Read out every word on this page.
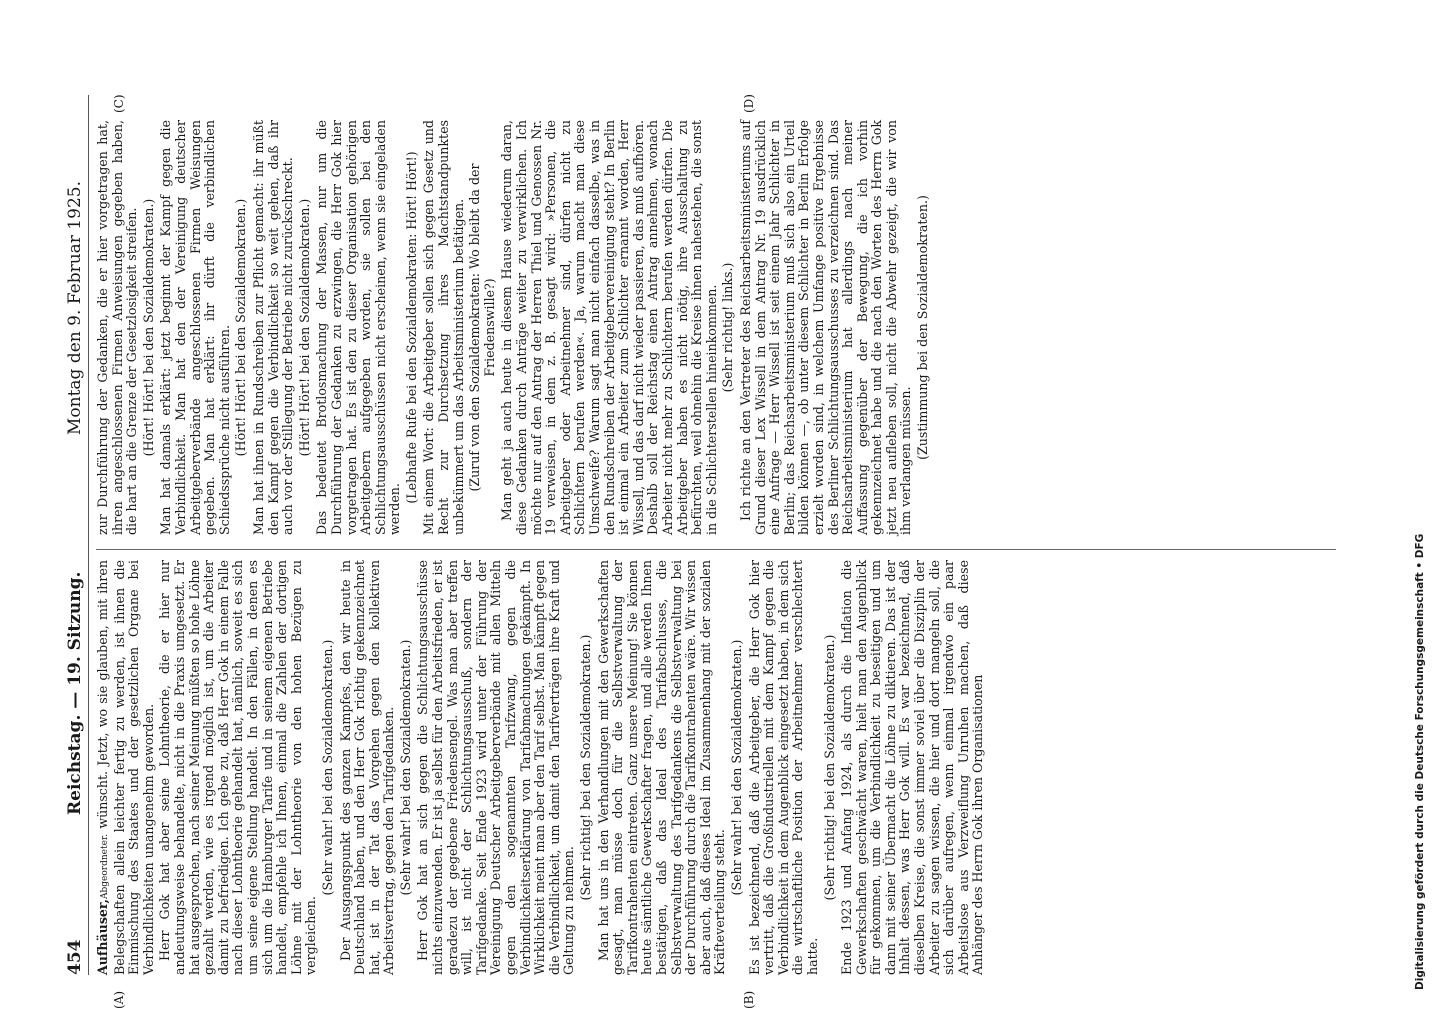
454
Reichstag. — 19. Sitzung.
Montag den 9. Februar 1925.

Aufhäuser,Abgeordneter. wünscht. Jetzt, wo sie glauben, mit ihren Belegschaften allein leichter fertig zu werden, ist ihnen die Einmischung des Staates und der gesetzlichen Organe bei Verbindlichkeiten unangenehm geworden. Herr Gok hat aber seine Lohntheorie, die er hier nur andeutungsweise behandelte, nicht in die Praxis umgesetzt. Er hat ausgesprochen, nach seiner Meinung müßten so hohe Löhne gezahlt werden, wie es irgend möglich ist, um die Arbeiter damit zu befriedigen. Ich gebe zu, daß Herr Gok in einem Falle nach dieser Lohntheorie gehandelt hat, nämlich, soweit es sich um seine eigene Stellung handelt. In den Fällen, in denen es sich um die Hamburger Tarife und in seinem eigenen Betriebe handelt, empfehle ich Ihnen, einmal die Zahlen der dortigen Löhne mit der Lohntheorie von den hohen Bezügen zu vergleichen.

(Sehr wahr! bei den Sozialdemokraten.) Der Ausgangspunkt des ganzen Kampfes, den wir heute in Deutschland haben, und den Herr Gok richtig gekennzeichnet hat, ist in der Tat das Vorgehen gegen den kollektiven Arbeitsvertrag, gegen den Tarifgedanken. (Sehr wahr! bei den Sozialdemokraten.) Herr Gok hat an sich gegen die Schlichtungsausschüsse nichts einzuwenden. Er ist ja selbst für den Arbeitsfrieden, er ist geradezu der gegebene Friedensengel. Was man aber treffen will, ist nicht der Schlichtungsausschuß, sondern der Tarifgedanke. Seit Ende 1923 wird unter der Führung der Vereinigung Deutscher Arbeitgeberverbände mit allen Mitteln gegen den sogenannten Tarifzwang, gegen die Verbindlichkeitserklärung von Tarifabmachungen gekämpft. In Wirklichkeit meint man aber den Tarif selbst. Man kämpft gegen die Verbindlichkeit, um damit den Tarifverträgen ihre Kraft und Geltung zu nehmen.

(Sehr richtig! bei den Sozialdemokraten.) Man hat uns in den Verhandlungen mit den Gewerkschaften gesagt, man müsse doch für die Selbstverwaltung der Tarifkontrahenten eintreten. Ganz unsere Meinung! Sie können heute sämtliche Gewerkschafter fragen, und alle werden Ihnen bestätigen, daß das Ideal des Tarifabschlusses, die Selbstverwaltung des Tarifgedankens die Selbstverwaltung bei der Durchführung durch die Tarifkontrahenten wäre. Wir wissen aber auch, daß dieses Ideal im Zusammenhang mit der sozialen Kräfteverteilung steht.

(Sehr wahr! bei den Sozialdemokraten.) Es ist bezeichnend, daß die Arbeitgeber, die Herr Gok hier vertritt, daß die Großindustriellen mit dem Kampf gegen die Verbindlichkeit in dem Augenblick eingesetzt haben, in dem sich die wirtschaftliche Position der Arbeitnehmer verschlechtert hatte.

(Sehr richtig! bei den Sozialdemokraten.) Ende 1923 und Anfang 1924, als durch die Inflation die Gewerkschaften geschwächt waren, hielt man den Augenblick für gekommen, um die Verbindlichkeit zu beseitigen und um dann mit seiner Übermacht die Löhne zu diktieren. Das ist der Inhalt dessen, was Herr Gok will. Es war bezeichnend, daß dieselben Kreise, die sonst immer soviel über die Disziplin der Arbeiter zu sagen wissen, die hier und dort mangeln soll, die sich darüber aufregen, wenn einmal irgendwo ein paar Arbeitslose aus Verzweiflung Unruhen machen, daß diese Anhänger des Herrn Gok ihren Organisationen

zur Durchführung der Gedanken, die er hier vorgetragen hat, ihren angeschlossenen Firmen Anweisungen gegeben haben, die hart an die Grenze der Gesetzlosigkeit streifen. (Hört! Hört! bei den Sozialdemokraten.) Man hat damals erklärt: jetzt beginnt der Kampf gegen die Verbindlichkeit. Man hat den der Vereinigung deutscher Arbeitgeberverbände angeschlossenen Firmen Weisungen gegeben. Man hat erklärt: ihr dürft die verbindlichen Schiedssprüche nicht ausführen. (Hört! Hört! bei den Sozialdemokraten.) Man hat ihnen in Rundschreiben zur Pflicht gemacht: ihr müßt den Kampf gegen die Verbindlichkeit so weit gehen, daß ihr auch vor der Stillegung der Betriebe nicht zurückschreckt. (Hört! Hört! bei den Sozialdemokraten.) Das bedeutet Brotlosmachung der Massen, nur um die Durchführung der Gedanken zu erzwingen, die Herr Gok hier vorgetragen hat. Es ist den zu dieser Organisation gehörigen Arbeitgebern aufgegeben worden, sie sollen bei den Schlichtungsausschüssen nicht erscheinen, wenn sie eingeladen werden.

(Lebhafte Rufe bei den Sozialdemokraten: Hört! Hört!) Mit einem Wort: die Arbeitgeber sollen sich gegen Gesetz und Recht zur Durchsetzung ihres Machtstandpunktes unbekümmert um das Arbeitsministerium betätigen. (Zuruf von den Sozialdemokraten: Wo bleibt da der Friedenswille?) Man geht ja auch heute in diesem Hause wiederum daran, diese Gedanken durch Anträge weiter zu verwirklichen. Ich möchte nur auf den Antrag der Herren Thiel und Genossen Nr. 19 verweisen, in dem z. B. gesagt wird: »Personen, die Arbeitgeber oder Arbeitnehmer sind, dürfen nicht zu Schlichtern berufen werden«. Ja, warum macht man diese Umschweife? Warum sagt man nicht einfach dasselbe, was in den Rundschreiben der Arbeitgebervereinigung steht? In Berlin ist einmal ein Arbeiter zum Schlichter ernannt worden, Herr Wissell, und das darf nicht wieder passieren, das muß aufhören. Deshalb soll der Reichstag einen Antrag annehmen, wonach Arbeiter nicht mehr zu Schlichtern berufen werden dürfen. Die Arbeitgeber haben es nicht nötig, ihre Ausschaltung zu befürchten, weil ohnehin die Kreise ihnen nahestehen, die sonst in die Schlichterstellen hineinkommen. (Sehr richtig! links.) Ich richte an den Vertreter des Reichsarbeitsministeriums auf Grund dieser Lex Wissell in dem Antrag Nr. 19 ausdrücklich eine Anfrage — Herr Wissell ist seit einem Jahr Schlichter in Berlin; das Reichsarbeitsministerium muß sich also ein Urteil bilden können —, ob unter diesem Schlichter in Berlin Erfolge erzielt worden sind, in welchem Umfange positive Ergebnisse des Berliner Schlichtungsausschusses zu verzeichnen sind. Das Reichsarbeitsministerium hat allerdings nach meiner Auffassung gegenüber der Bewegung, die ich vorhin gekennzeichnet habe und die nach den Worten des Herrn Gok jetzt neu aufleben soll, nicht die Abwehr gezeigt, die wir von ihm verlangen müssen.

(Zustimmung bei den Sozialdemokraten.)

(A)	(B)
(C)	(D)
Digitalisierung gefördert durch die Deutsche Forschungsgemeinschaft • DFG
